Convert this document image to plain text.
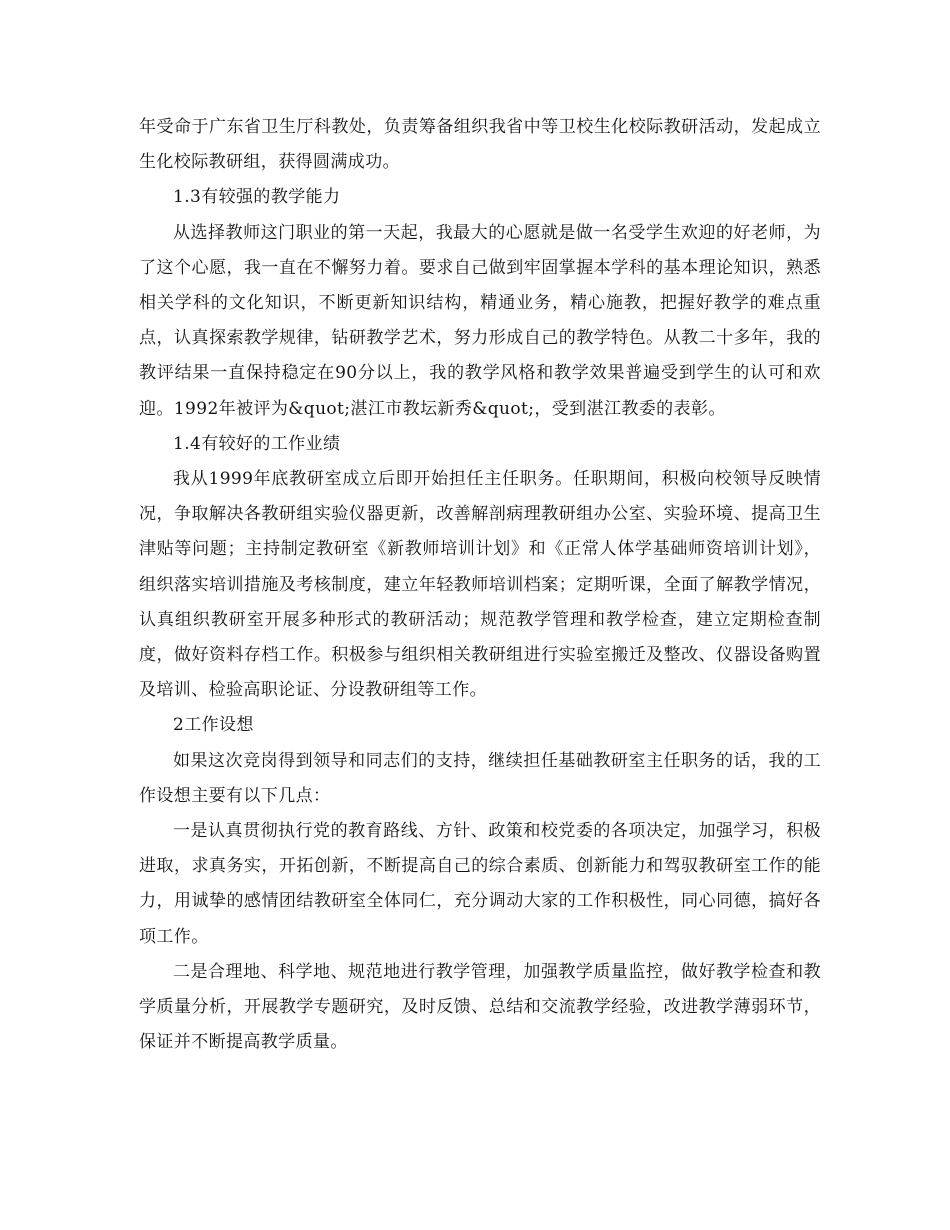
年受命于广东省卫生厅科教处，负责筹备组织我省中等卫校生化校际教研活动，发起成立生化校际教研组，获得圆满成功。

1.3有较强的教学能力

从选择教师这门职业的第一天起，我最大的心愿就是做一名受学生欢迎的好老师，为了这个心愿，我一直在不懈努力着。要求自己做到牢固掌握本学科的基本理论知识，熟悉相关学科的文化知识，不断更新知识结构，精通业务，精心施教，把握好教学的难点重点，认真探索教学规律，钻研教学艺术，努力形成自己的教学特色。从教二十多年，我的教评结果一直保持稳定在90分以上，我的教学风格和教学效果普遍受到学生的认可和欢迎。1992年被评为&quot;湛江市教坛新秀&quot;，受到湛江教委的表彰。

1.4有较好的工作业绩

我从1999年底教研室成立后即开始担任主任职务。任职期间，积极向校领导反映情况，争取解决各教研组实验仪器更新，改善解剖病理教研组办公室、实验环境、提高卫生津贴等问题；主持制定教研室《新教师培训计划》和《正常人体学基础师资培训计划》，组织落实培训措施及考核制度，建立年轻教师培训档案；定期听课，全面了解教学情况，认真组织教研室开展多种形式的教研活动；规范教学管理和教学检查，建立定期检查制度，做好资料存档工作。积极参与组织相关教研组进行实验室搬迁及整改、仪器设备购置及培训、检验高职论证、分设教研组等工作。

2工作设想

如果这次竞岗得到领导和同志们的支持，继续担任基础教研室主任职务的话，我的工作设想主要有以下几点：

一是认真贯彻执行党的教育路线、方针、政策和校党委的各项决定，加强学习，积极进取，求真务实，开拓创新，不断提高自己的综合素质、创新能力和驾驭教研室工作的能力，用诚挚的感情团结教研室全体同仁，充分调动大家的工作积极性，同心同德，搞好各项工作。

二是合理地、科学地、规范地进行教学管理，加强教学质量监控，做好教学检查和教学质量分析，开展教学专题研究，及时反馈、总结和交流教学经验，改进教学薄弱环节，保证并不断提高教学质量。
